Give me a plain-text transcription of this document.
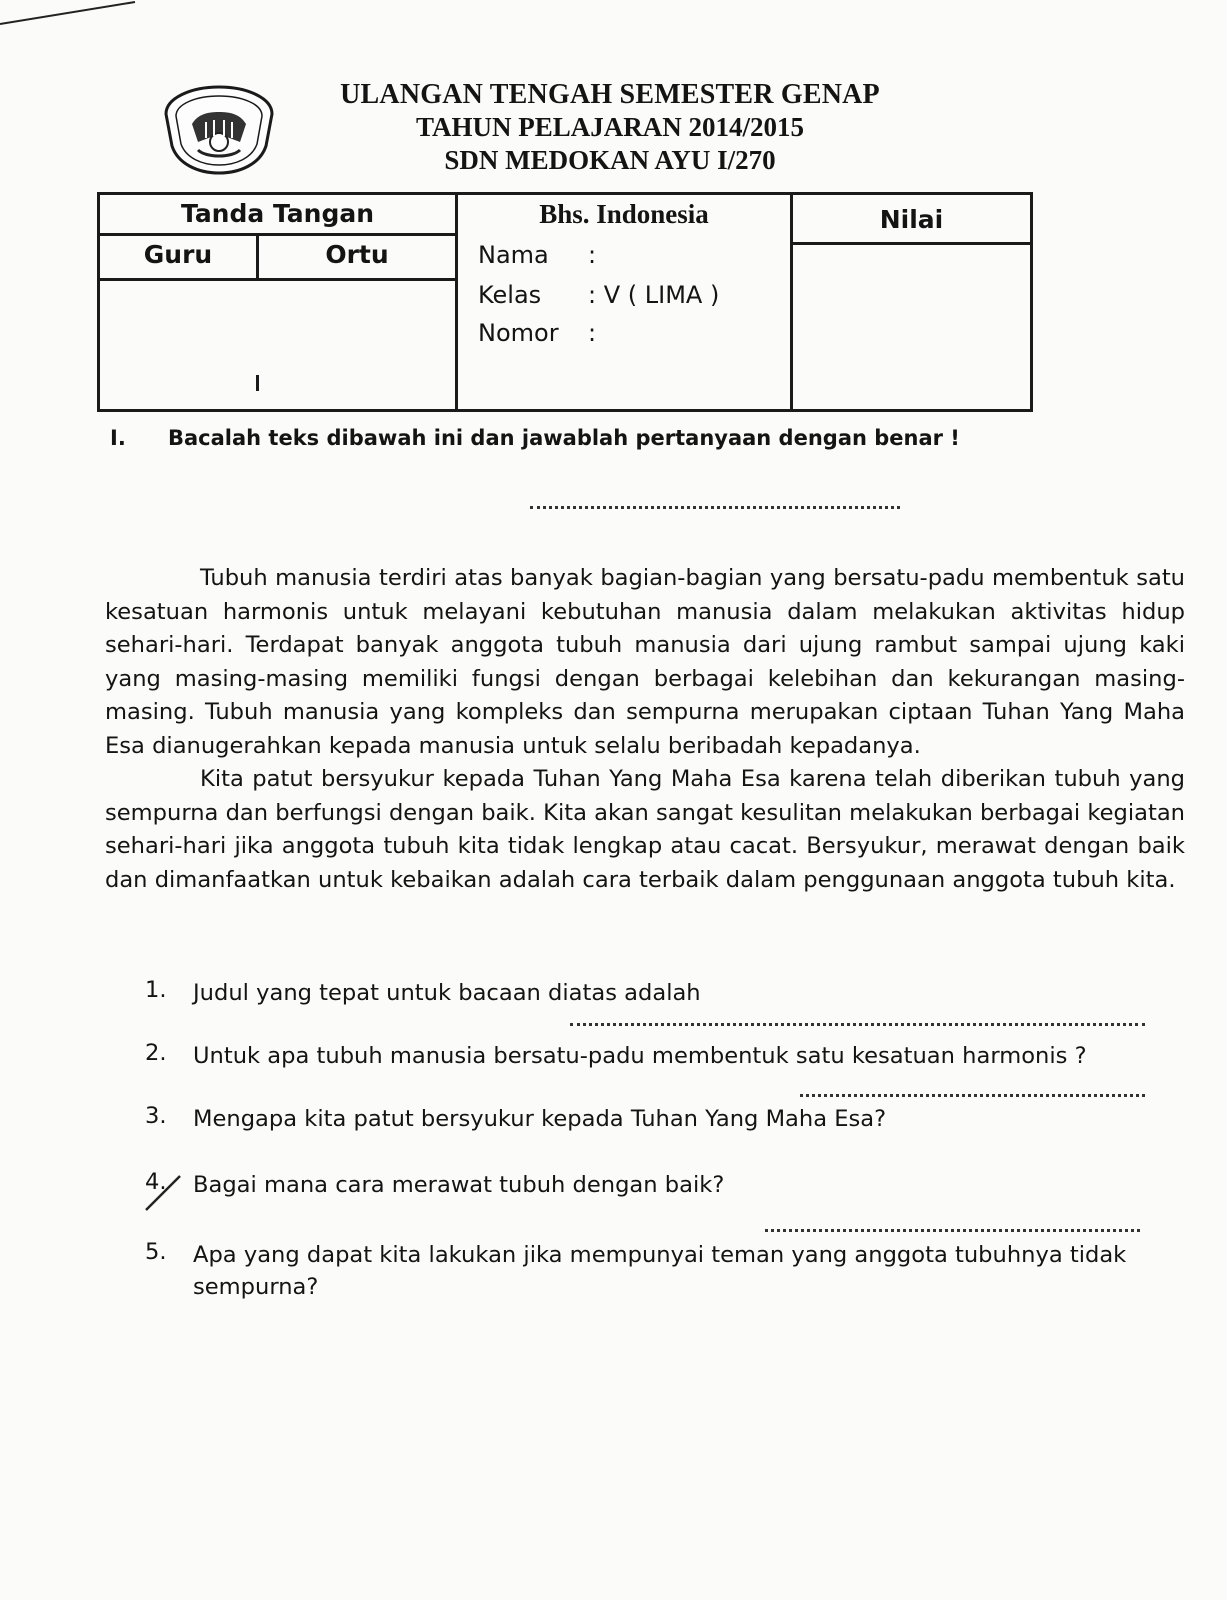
ULANGAN TENGAH SEMESTER GENAP
TAHUN PELAJARAN 2014/2015
SDN MEDOKAN AYU I/270
Tanda Tangan
Guru	Ortu
Bhs. Indonesia	Nilai
Nama :
Kelas : V ( LIMA )
Nomor :
I. Bacalah teks dibawah ini dan jawablah pertanyaan dengan benar !

Tubuh manusia terdiri atas banyak bagian-bagian yang bersatu-padu membentuk satu kesatuan harmonis untuk melayani kebutuhan manusia dalam melakukan aktivitas hidup sehari-hari. Terdapat banyak anggota tubuh manusia dari ujung rambut sampai ujung kaki yang masing-masing memiliki fungsi dengan berbagai kelebihan dan kekurangan masing-masing. Tubuh manusia yang kompleks dan sempurna merupakan ciptaan Tuhan Yang Maha Esa dianugerahkan kepada manusia untuk selalu beribadah kepadanya.

Kita patut bersyukur kepada Tuhan Yang Maha Esa karena telah diberikan tubuh yang sempurna dan berfungsi dengan baik. Kita akan sangat kesulitan melakukan berbagai kegiatan sehari-hari jika anggota tubuh kita tidak lengkap atau cacat. Bersyukur, merawat dengan baik dan dimanfaatkan untuk kebaikan adalah cara terbaik dalam penggunaan anggota tubuh kita.

1.	Judul yang tepat untuk bacaan diatas adalah
2.	Untuk apa tubuh manusia bersatu-padu membentuk satu kesatuan harmonis ?
3.	Mengapa kita patut bersyukur kepada Tuhan Yang Maha Esa?
4.	Bagai mana cara merawat tubuh dengan baik?
5.	Apa yang dapat kita lakukan jika mempunyai teman yang anggota tubuhnya tidak sempurna?
